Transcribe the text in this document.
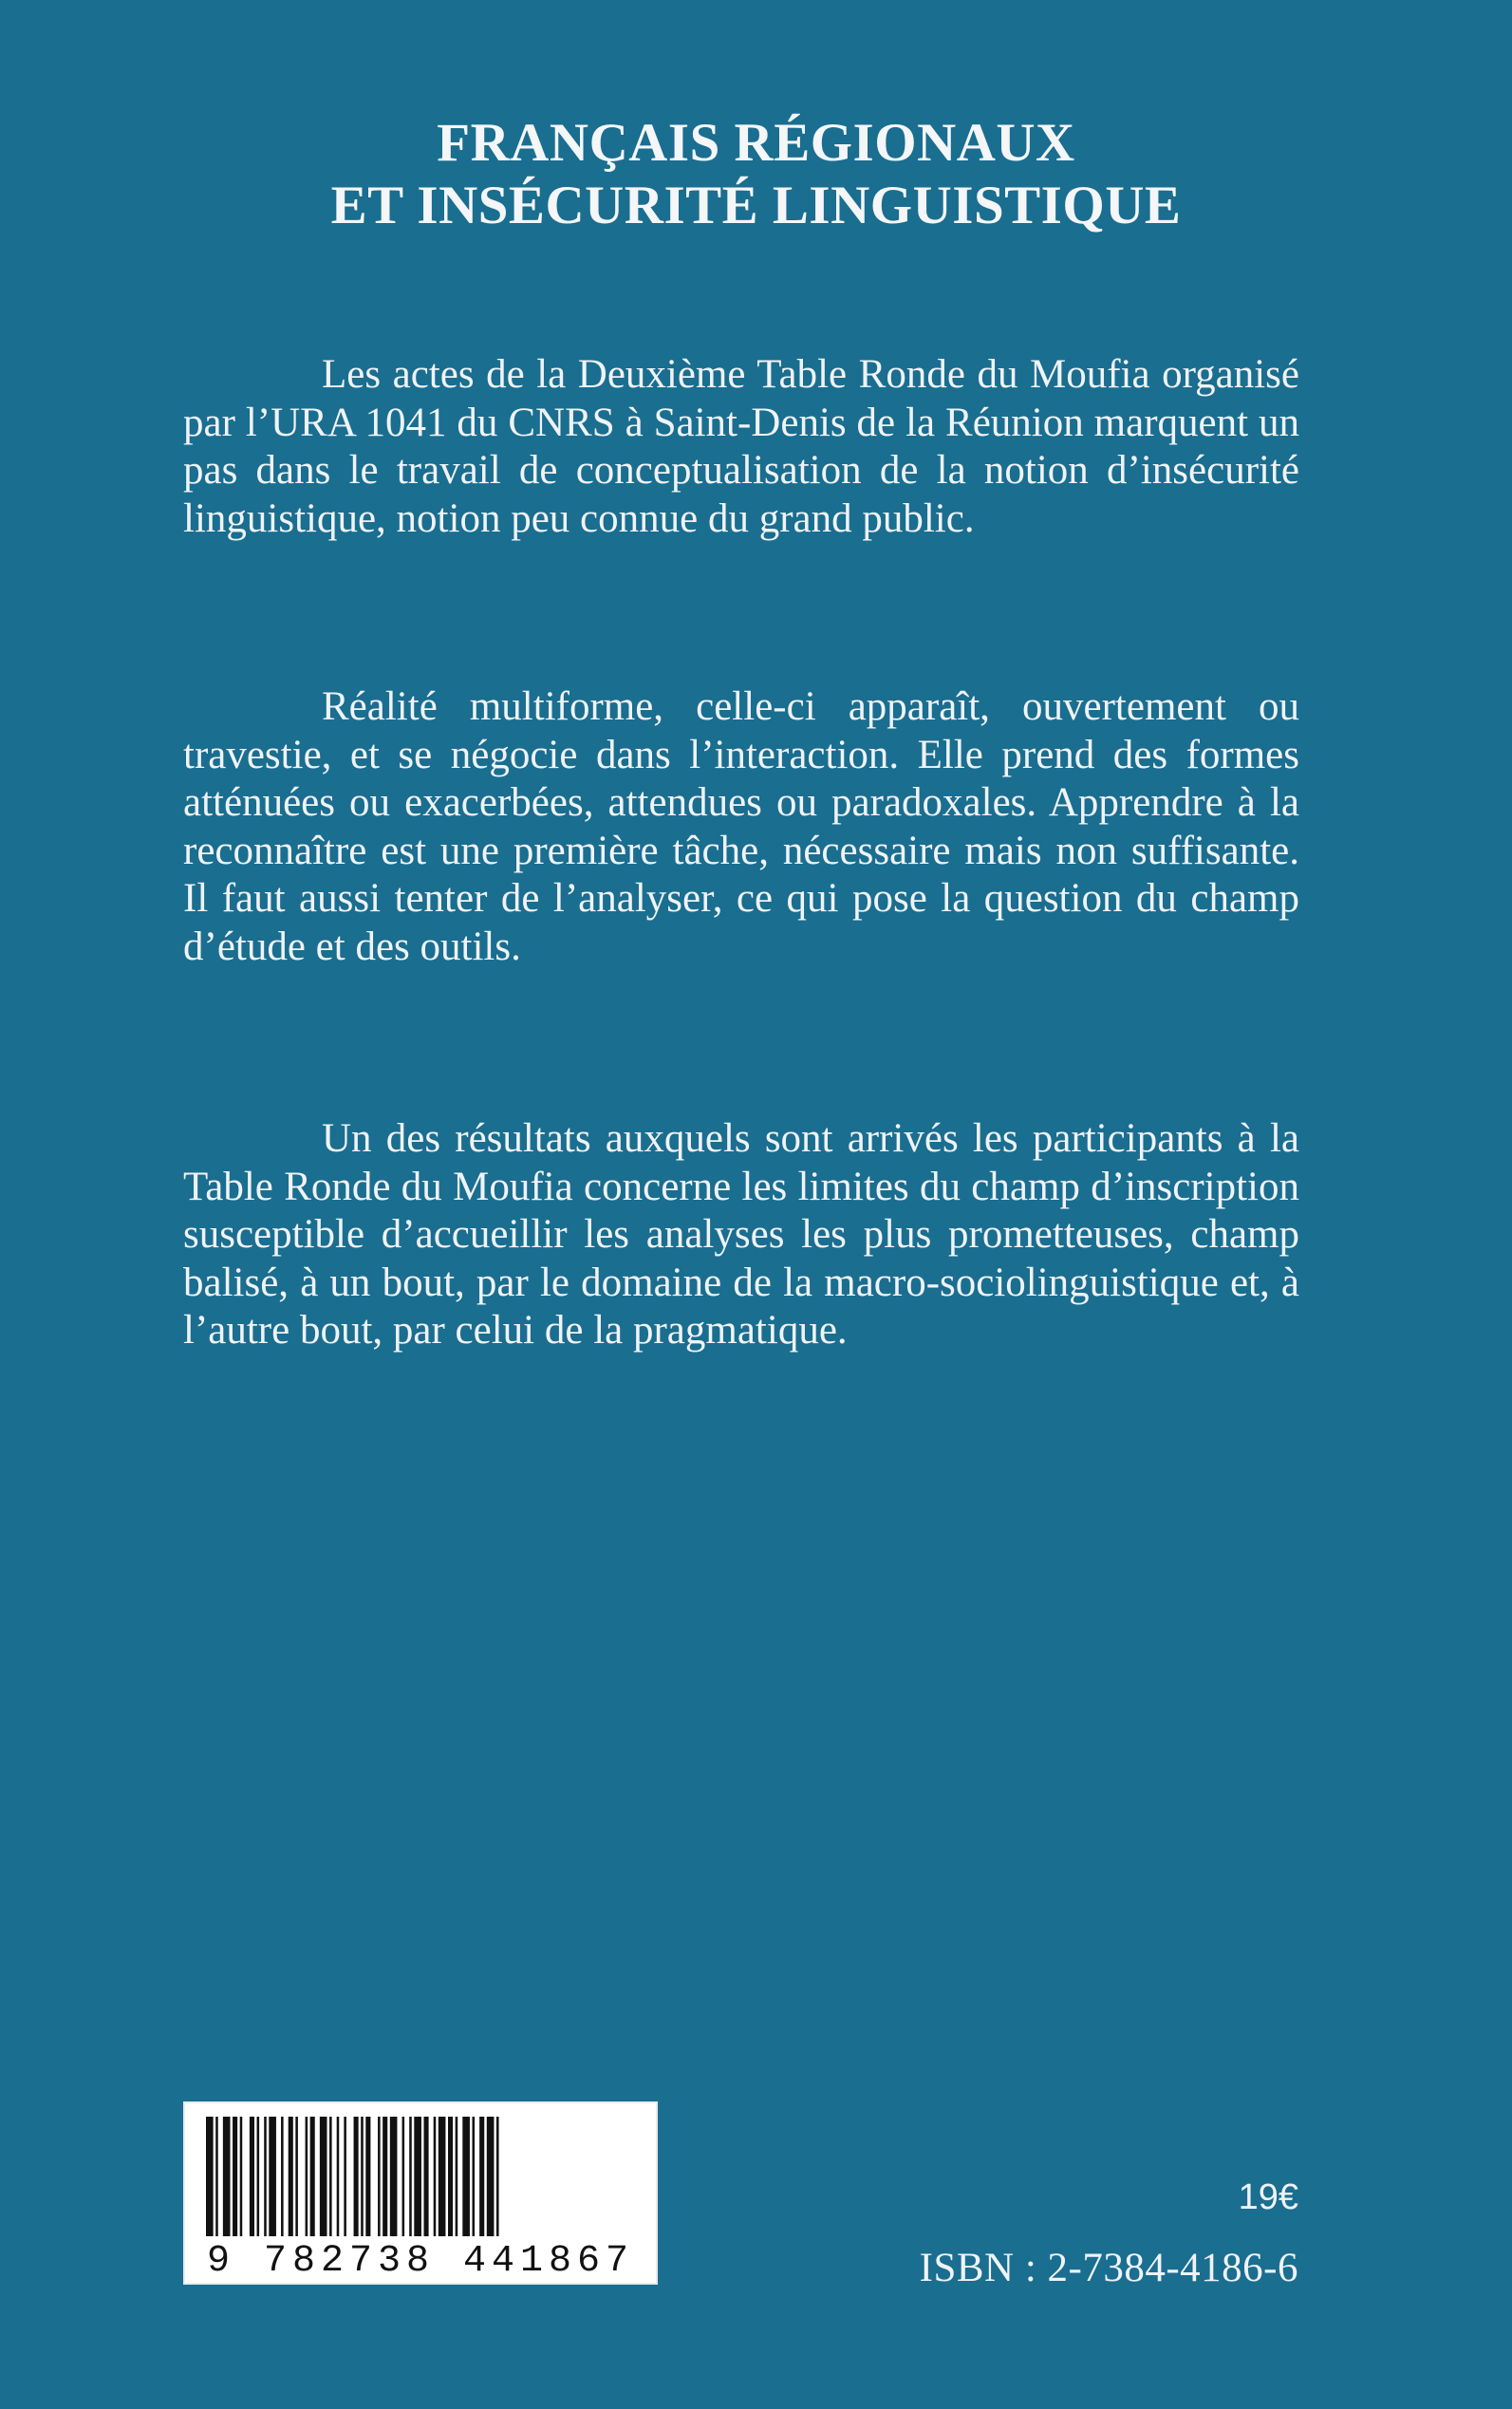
FRANÇAIS RÉGIONAUX
ET INSÉCURITÉ LINGUISTIQUE

Les actes de la Deuxième Table Ronde du Moufia organisé par l’URA 1041 du CNRS à Saint-Denis de la Réunion marquent un pas dans le travail de conceptualisation de la notion d’insécurité linguistique, notion peu connue du grand public.

Réalité multiforme, celle-ci apparaît, ouvertement ou travestie, et se négocie dans l’interaction. Elle prend des formes atténuées ou exacerbées, attendues ou paradoxales. Apprendre à la reconnaître est une première tâche, nécessaire mais non suffisante. Il faut aussi tenter de l’analyser, ce qui pose la question du champ d’étude et des outils.

Un des résultats auxquels sont arrivés les participants à la Table Ronde du Moufia concerne les limites du champ d’inscription susceptible d’accueillir les analyses les plus prometteuses, champ balisé, à un bout, par le domaine de la macro-sociolinguistique et, à l’autre bout, par celui de la pragmatique.

9 782738 441867
19€
ISBN : 2-7384-4186-6
